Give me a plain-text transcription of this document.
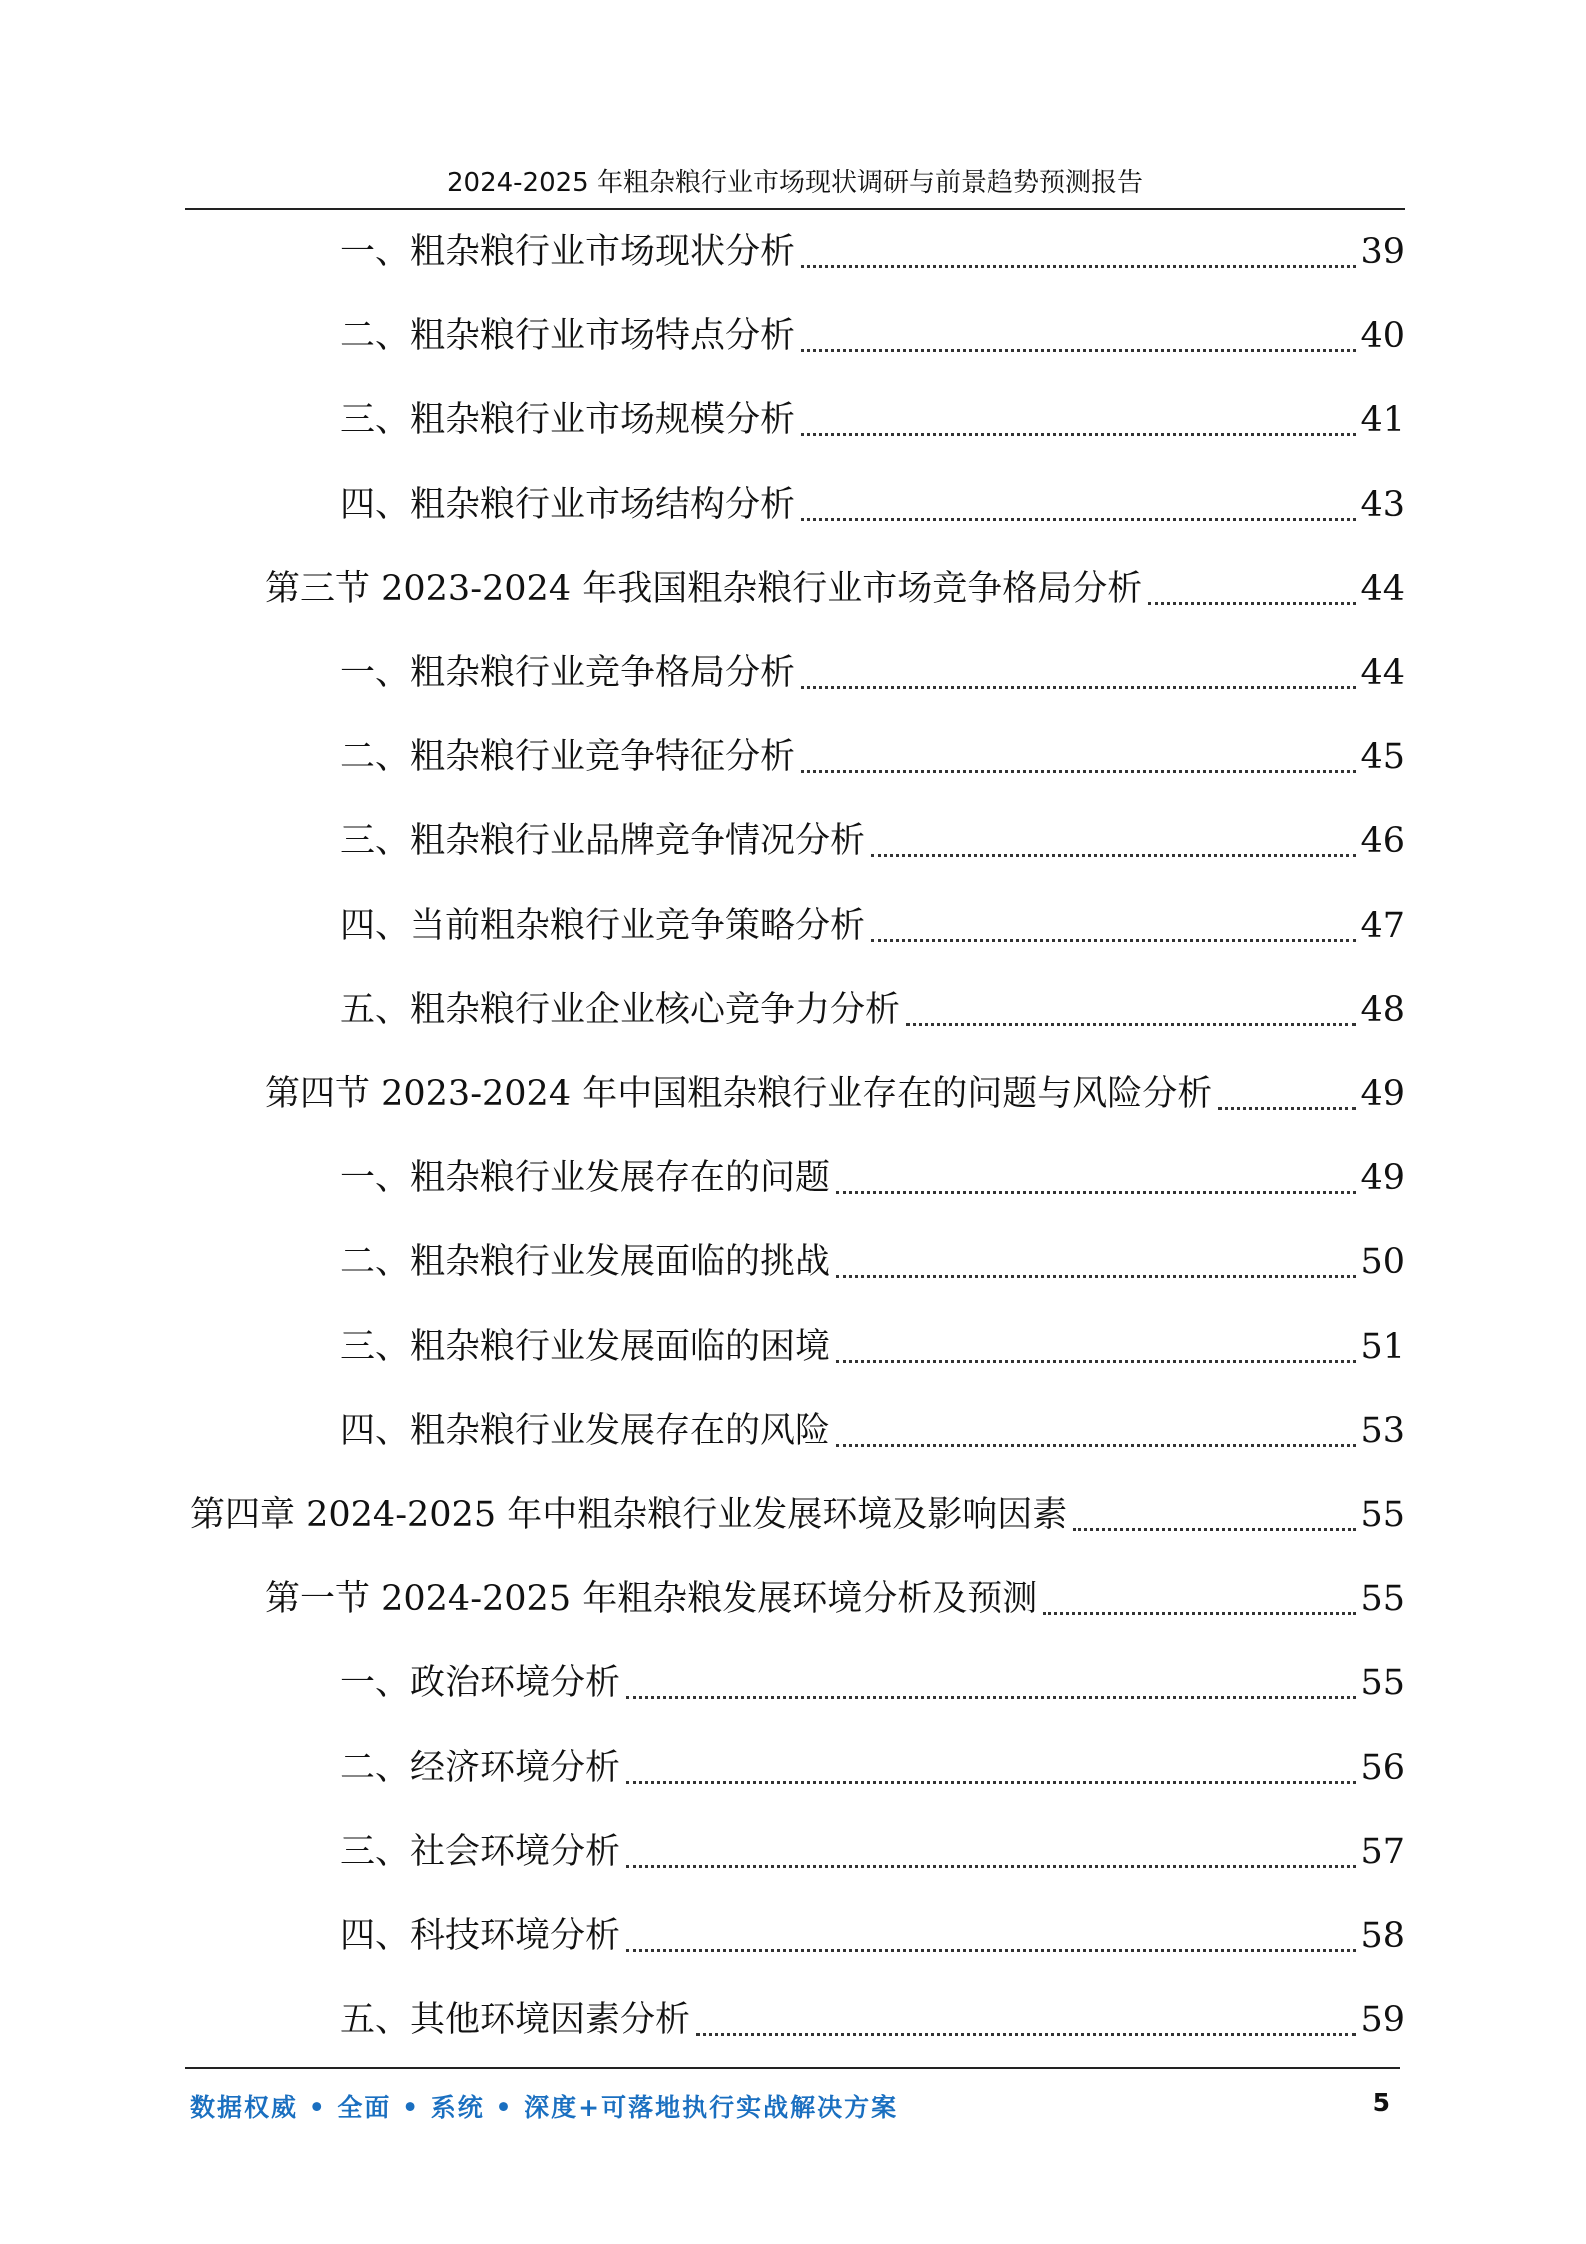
2024-2025 年粗杂粮行业市场现状调研与前景趋势预测报告
一、粗杂粮行业市场现状分析	39
二、粗杂粮行业市场特点分析	40
三、粗杂粮行业市场规模分析	41
四、粗杂粮行业市场结构分析	43
第三节 2023-2024 年我国粗杂粮行业市场竞争格局分析	44
一、粗杂粮行业竞争格局分析	44
二、粗杂粮行业竞争特征分析	45
三、粗杂粮行业品牌竞争情况分析	46
四、当前粗杂粮行业竞争策略分析	47
五、粗杂粮行业企业核心竞争力分析	48
第四节 2023-2024 年中国粗杂粮行业存在的问题与风险分析	49
一、粗杂粮行业发展存在的问题	49
二、粗杂粮行业发展面临的挑战	50
三、粗杂粮行业发展面临的困境	51
四、粗杂粮行业发展存在的风险	53
第四章 2024-2025 年中粗杂粮行业发展环境及影响因素	55
第一节 2024-2025 年粗杂粮发展环境分析及预测	55
一、政治环境分析	55
二、经济环境分析	56
三、社会环境分析	57
四、科技环境分析	58
五、其他环境因素分析	59
数据权威 • 全面 • 系统 • 深度+可落地执行实战解决方案	5
